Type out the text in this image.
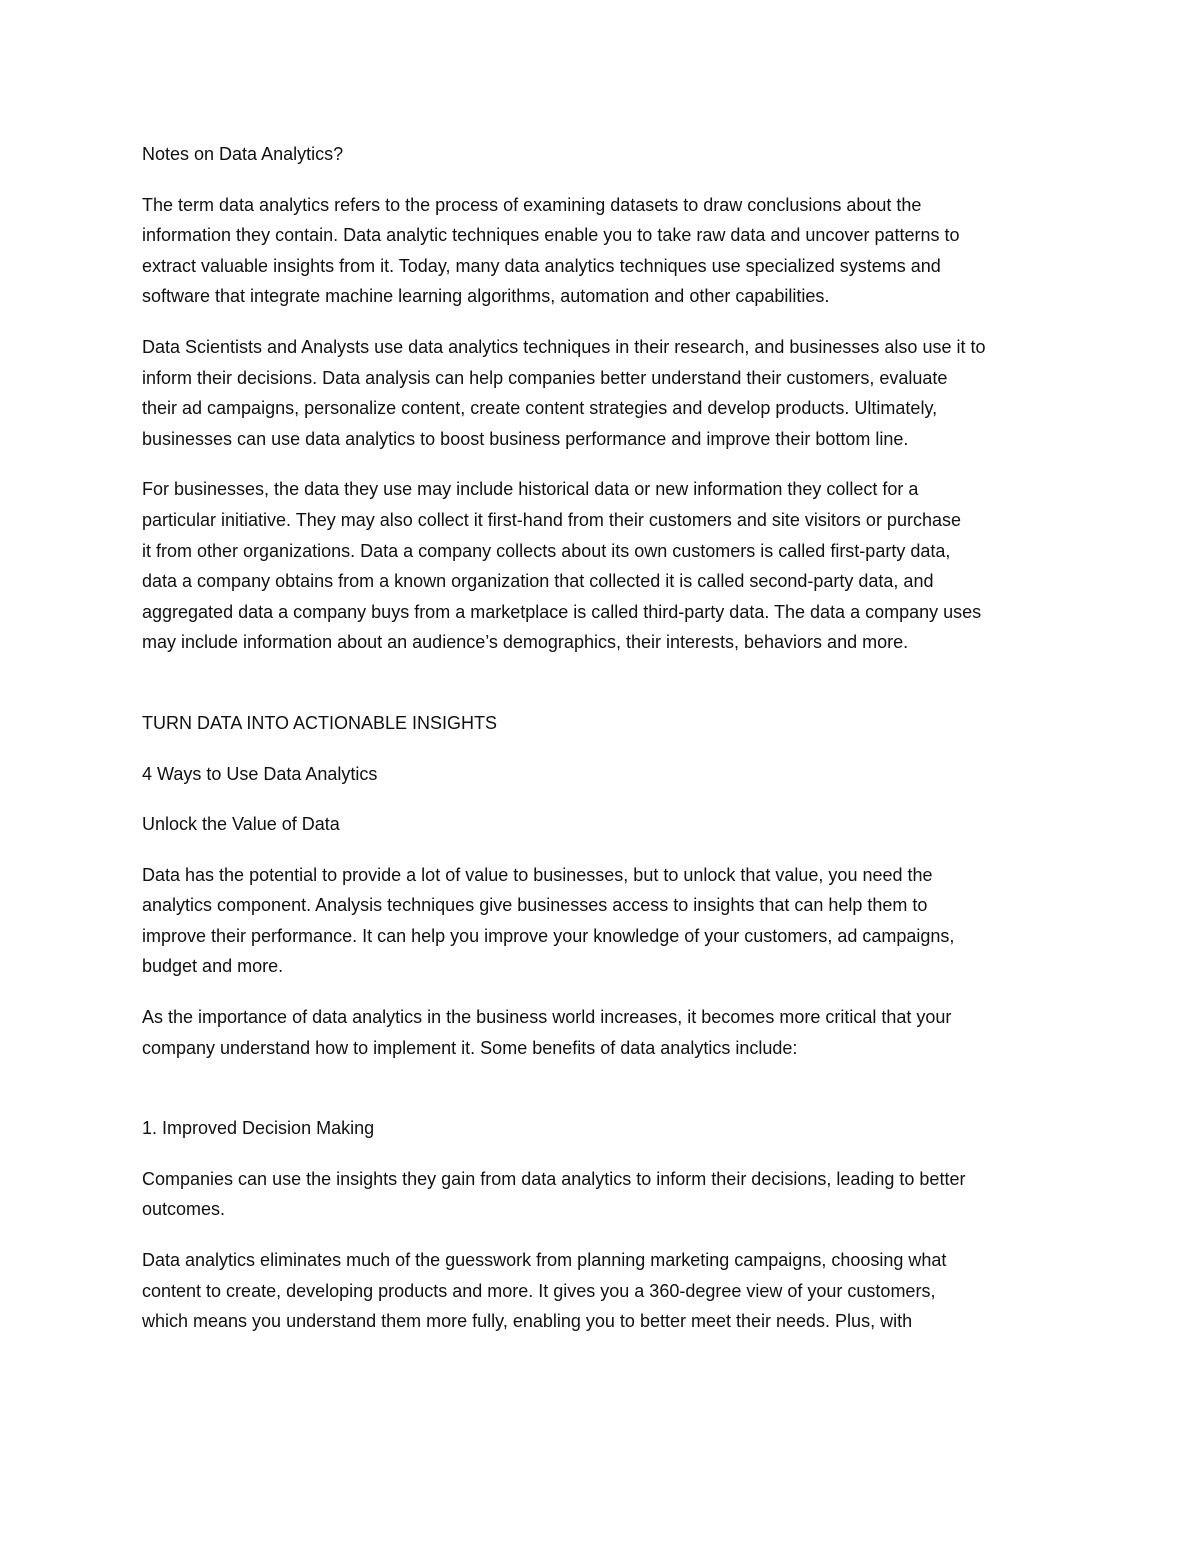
Notes on Data Analytics?
The term data analytics refers to the process of examining datasets to draw conclusions about the
information they contain. Data analytic techniques enable you to take raw data and uncover patterns to
extract valuable insights from it. Today, many data analytics techniques use specialized systems and
software that integrate machine learning algorithms, automation and other capabilities.
Data Scientists and Analysts use data analytics techniques in their research, and businesses also use it to
inform their decisions. Data analysis can help companies better understand their customers, evaluate
their ad campaigns, personalize content, create content strategies and develop products. Ultimately,
businesses can use data analytics to boost business performance and improve their bottom line.
For businesses, the data they use may include historical data or new information they collect for a
particular initiative. They may also collect it first-hand from their customers and site visitors or purchase
it from other organizations. Data a company collects about its own customers is called first-party data,
data a company obtains from a known organization that collected it is called second-party data, and
aggregated data a company buys from a marketplace is called third-party data. The data a company uses
may include information about an audience’s demographics, their interests, behaviors and more.
TURN DATA INTO ACTIONABLE INSIGHTS
4 Ways to Use Data Analytics
Unlock the Value of Data
Data has the potential to provide a lot of value to businesses, but to unlock that value, you need the
analytics component. Analysis techniques give businesses access to insights that can help them to
improve their performance. It can help you improve your knowledge of your customers, ad campaigns,
budget and more.
As the importance of data analytics in the business world increases, it becomes more critical that your
company understand how to implement it. Some benefits of data analytics include:
1. Improved Decision Making
Companies can use the insights they gain from data analytics to inform their decisions, leading to better
outcomes.
Data analytics eliminates much of the guesswork from planning marketing campaigns, choosing what
content to create, developing products and more. It gives you a 360-degree view of your customers,
which means you understand them more fully, enabling you to better meet their needs. Plus, with
